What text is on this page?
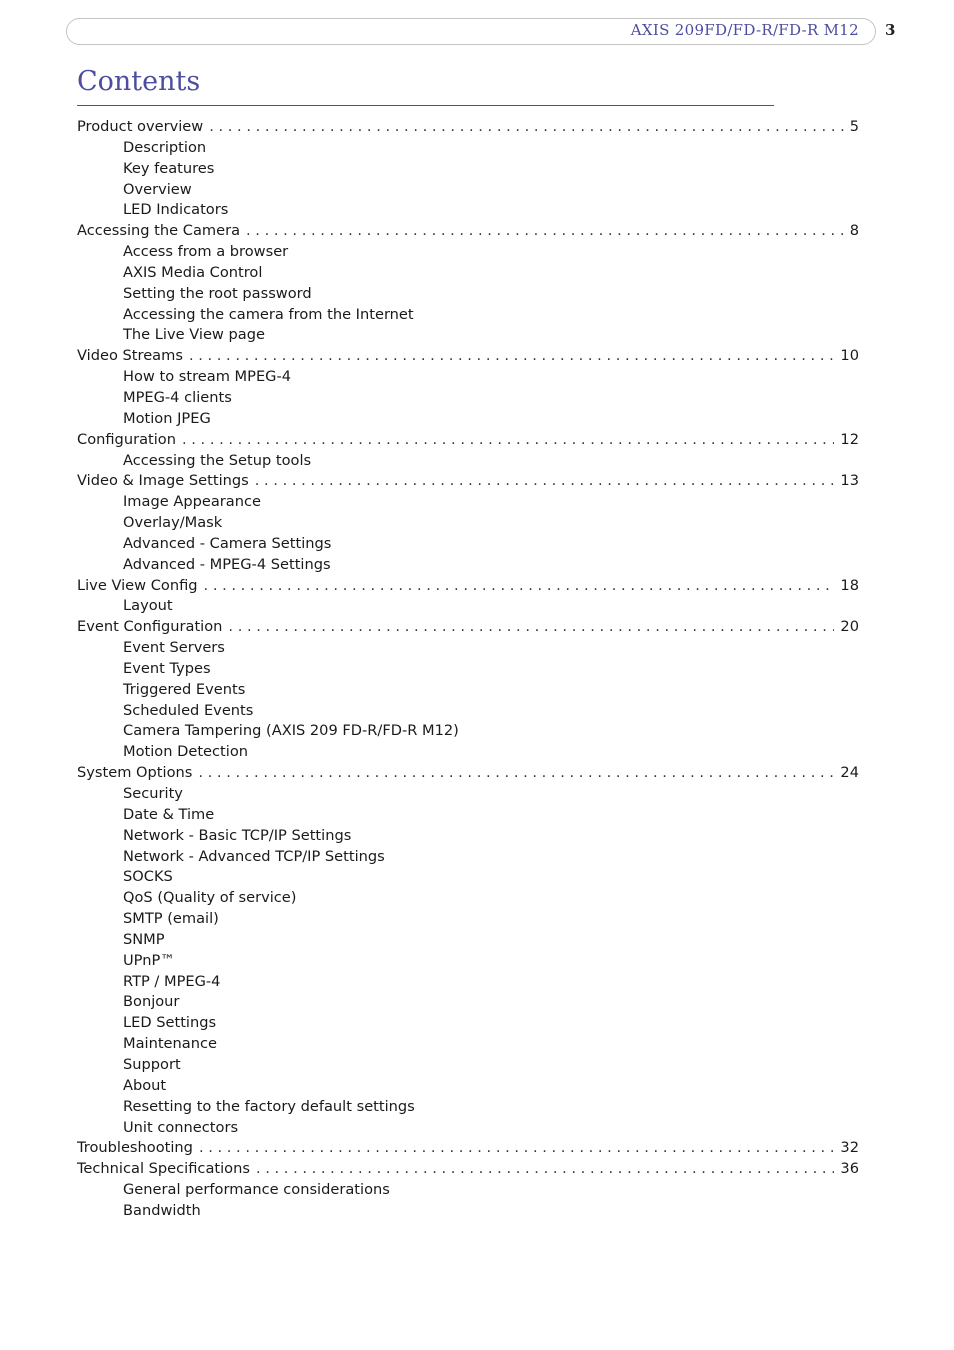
AXIS 209FD/FD-R/FD-R M12 3
Contents
Product overview . . .	5
Description
Key features
Overview
LED Indicators
Accessing the Camera . . .	8
Access from a browser
AXIS Media Control
Setting the root password
Accessing the camera from the Internet
The Live View page
Video Streams . . .	10
How to stream MPEG-4
MPEG-4 clients
Motion JPEG
Configuration . . .	12
Accessing the Setup tools
Video & Image Settings . . .	13
Image Appearance
Overlay/Mask
Advanced - Camera Settings
Advanced - MPEG-4 Settings
Live View Config . . .	18
Layout
Event Configuration . . .	20
Event Servers
Event Types
Triggered Events
Scheduled Events
Camera Tampering (AXIS 209 FD-R/FD-R M12)
Motion Detection
System Options . . .	24
Security
Date & Time
Network - Basic TCP/IP Settings
Network - Advanced TCP/IP Settings
SOCKS
QoS (Quality of service)
SMTP (email)
SNMP
UPnP™
RTP / MPEG-4
Bonjour
LED Settings
Maintenance
Support
About
Resetting to the factory default settings
Unit connectors
Troubleshooting . . .	32
Technical Specifications . . .	36
General performance considerations
Bandwidth
